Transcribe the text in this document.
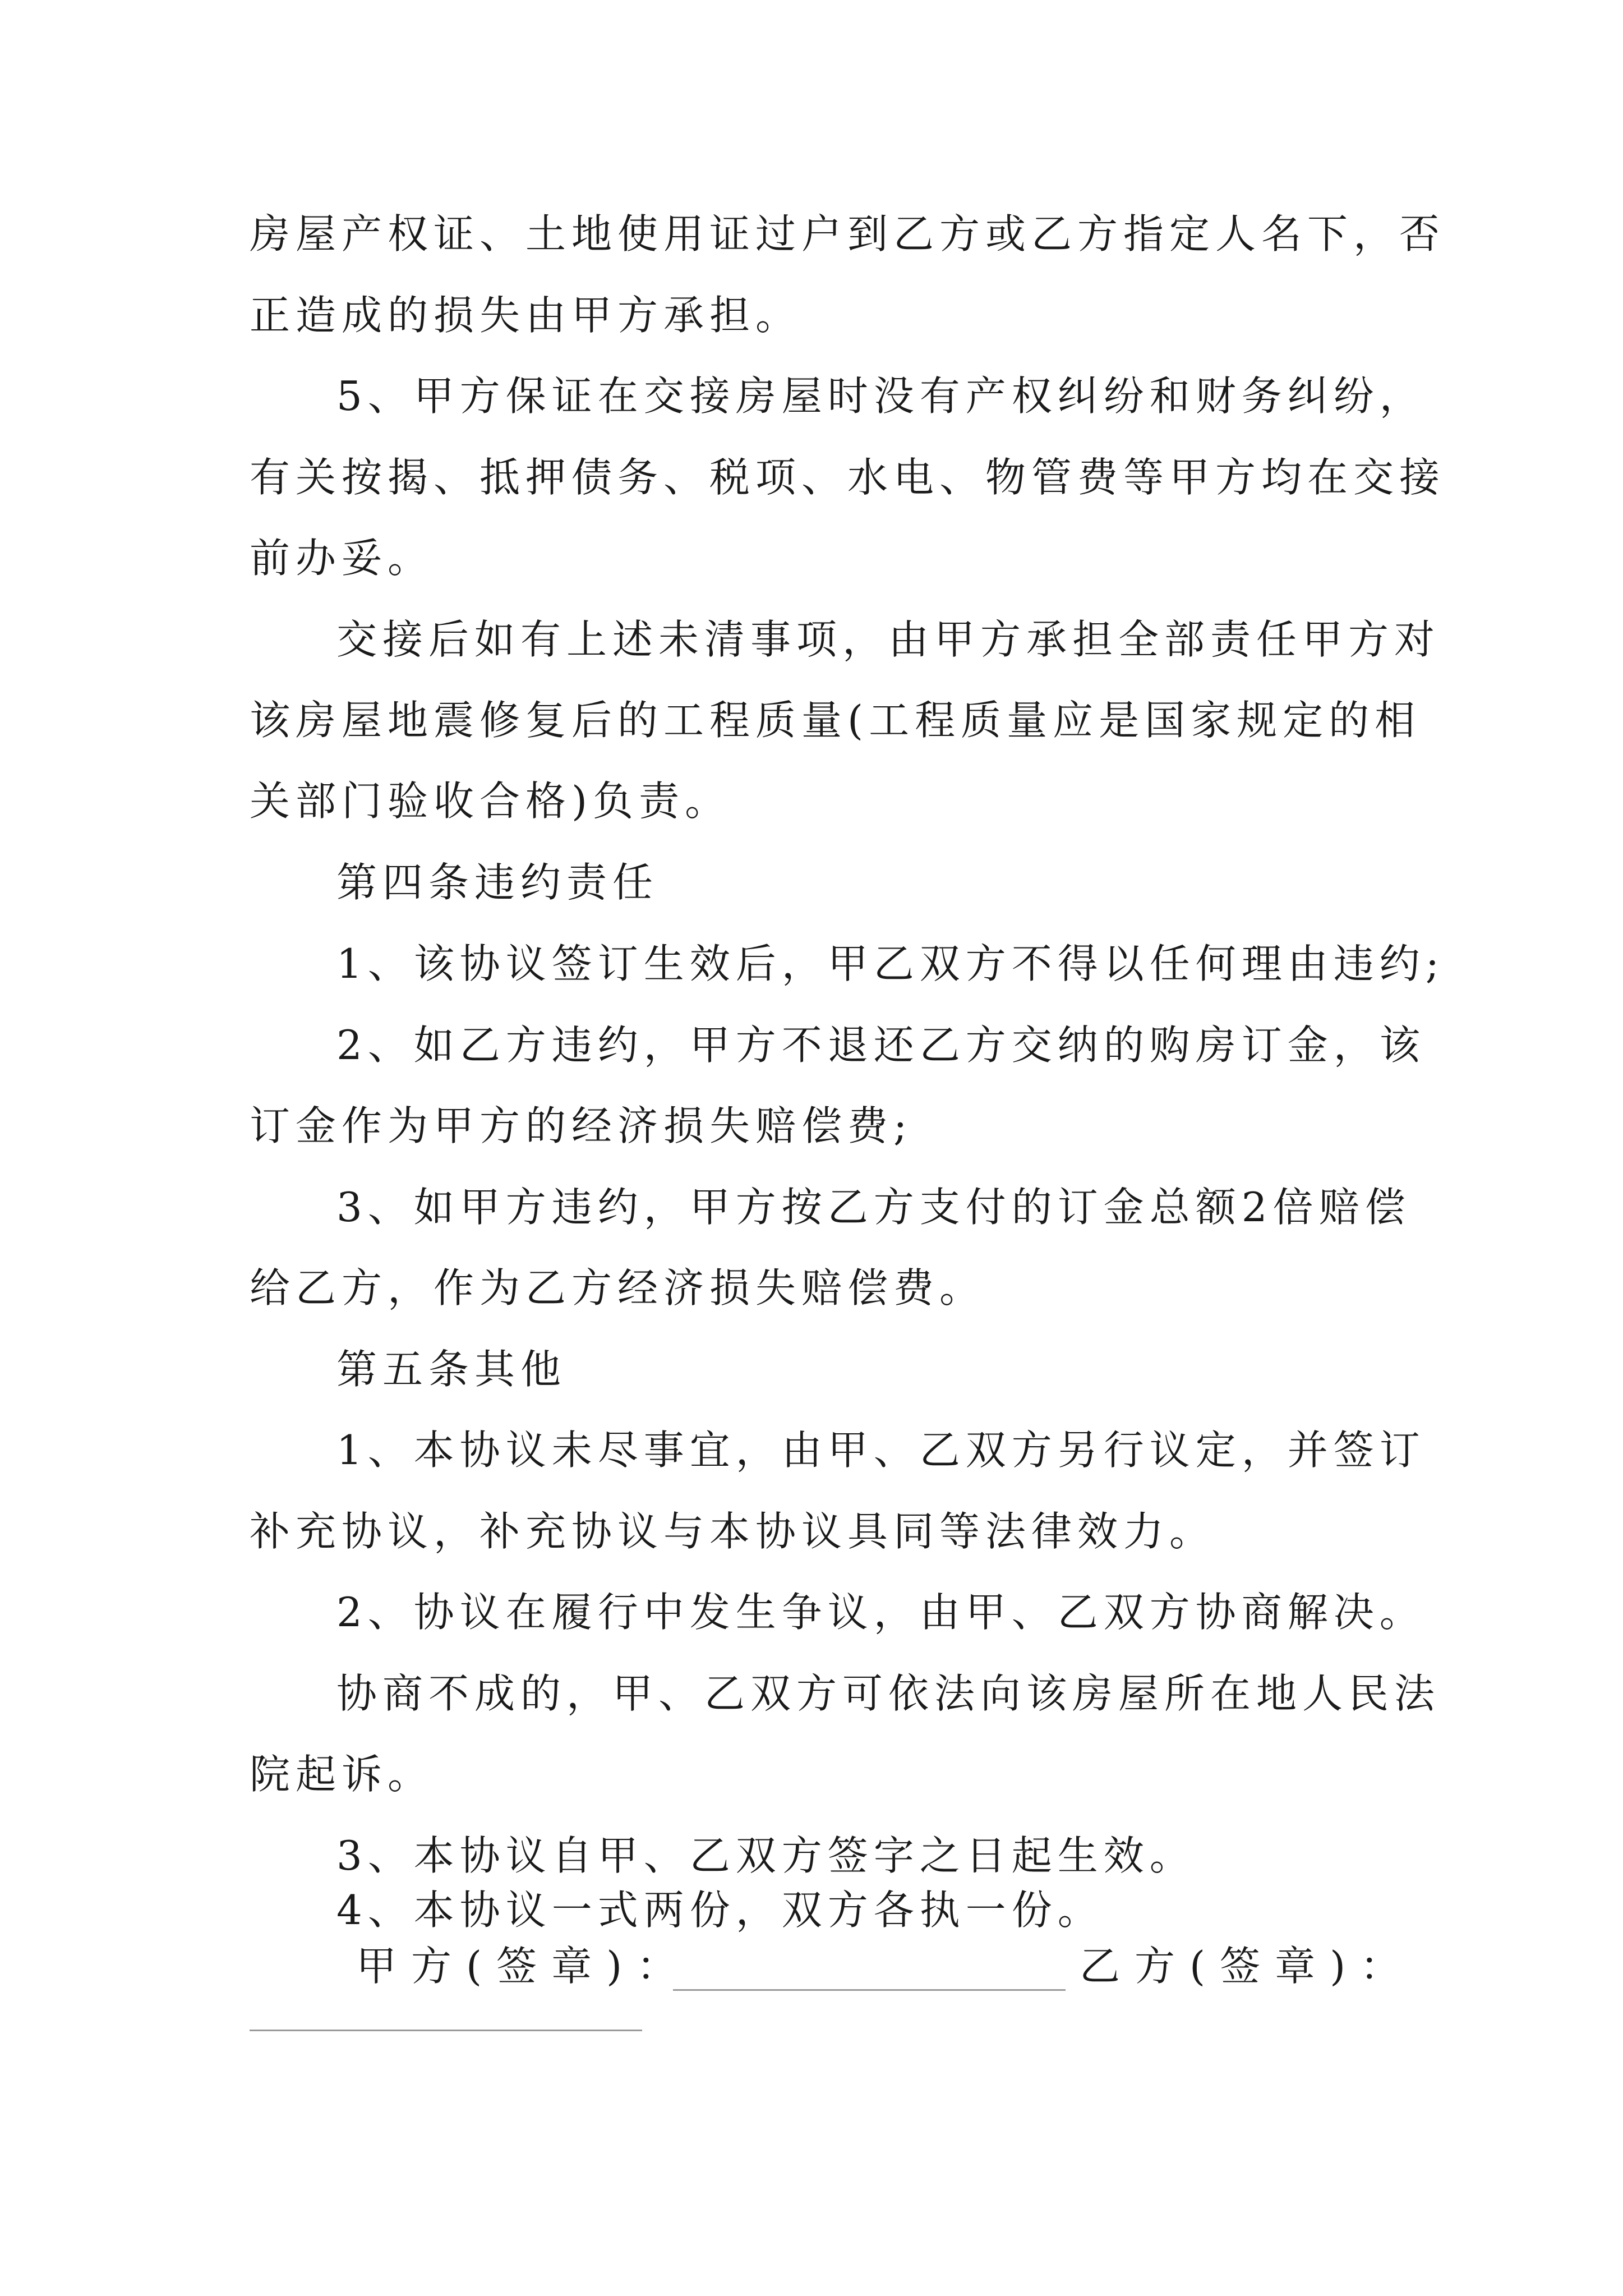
房屋产权证、土地使用证过户到乙方或乙方指定人名下，否
正造成的损失由甲方承担。
5、甲方保证在交接房屋时没有产权纠纷和财务纠纷，
有关按揭、抵押债务、税项、水电、物管费等甲方均在交接
前办妥。
交接后如有上述未清事项，由甲方承担全部责任甲方对
该房屋地震修复后的工程质量(工程质量应是国家规定的相
关部门验收合格)负责。
第四条违约责任
1、该协议签订生效后，甲乙双方不得以任何理由违约;
2、如乙方违约，甲方不退还乙方交纳的购房订金，该
订金作为甲方的经济损失赔偿费;
3、如甲方违约，甲方按乙方支付的订金总额2倍赔偿
给乙方，作为乙方经济损失赔偿费。
第五条其他
1、本协议未尽事宜，由甲、乙双方另行议定，并签订
补充协议，补充协议与本协议具同等法律效力。
2、协议在履行中发生争议，由甲、乙双方协商解决。
协商不成的，甲、乙双方可依法向该房屋所在地人民法
院起诉。
3、本协议自甲、乙双方签字之日起生效。
4、本协议一式两份，双方各执一份。
甲方(签章)：	乙方(签章)：
